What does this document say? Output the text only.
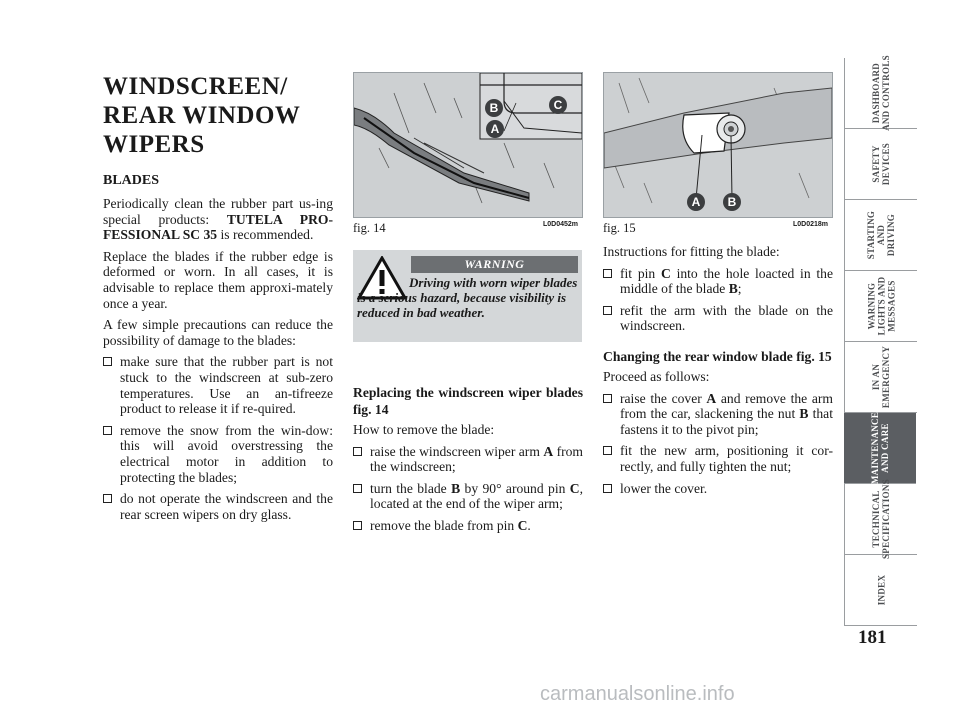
WINDSCREEN/
REAR WINDOW
WIPERS
BLADES

Periodically clean the rubber part us-ing special products: TUTELA PRO-FESSIONAL SC 35 is recommended.

Replace the blades if the rubber edge is deformed or worn. In all cases, it is advisable to replace them approxi-mately once a year.

A few simple precautions can reduce the possibility of damage to the blades:

make sure that the rubber part is not stuck to the windscreen at sub-zero temperatures. Use an an-tifreeze product to release it if re-quired.
remove the snow from the win-dow: this will avoid overstressing the electrical motor in addition to protecting the blades;
do not operate the windscreen and the rear screen wipers on dry glass.
B	C
A
fig. 14	L0D0452m
WARNING
Driving with worn wiper blades is a serious hazard, because visibility is reduced in bad weather.
Replacing the windscreen wiper blades fig. 14

How to remove the blade:

raise the windscreen wiper arm A from the windscreen;
turn the blade B by 90° around pin C, located at the end of the wiper arm;
remove the blade from pin C.
A B
fig. 15	L0D0218m

Instructions for fitting the blade:

fit pin C into the hole loacted in the middle of the blade B;
refit the arm with the blade on the windscreen.
Changing the rear window blade fig. 15

Proceed as follows:

raise the cover A and remove the arm from the car, slackening the nut B that fastens it to the pivot pin;
fit the new arm, positioning it cor-rectly, and fully tighten the nut;
lower the cover.
DASHBOARD
AND CONTROLS
SAFETY
DEVICES
STARTING
AND
DRIVING
WARNING
LIGHTS AND
MESSAGES
IN AN
EMERGENCY
MAINTENANCE
AND CARE
TECHNICAL
SPECIFICATIONS
INDEX
181
carmanualsonline.info
